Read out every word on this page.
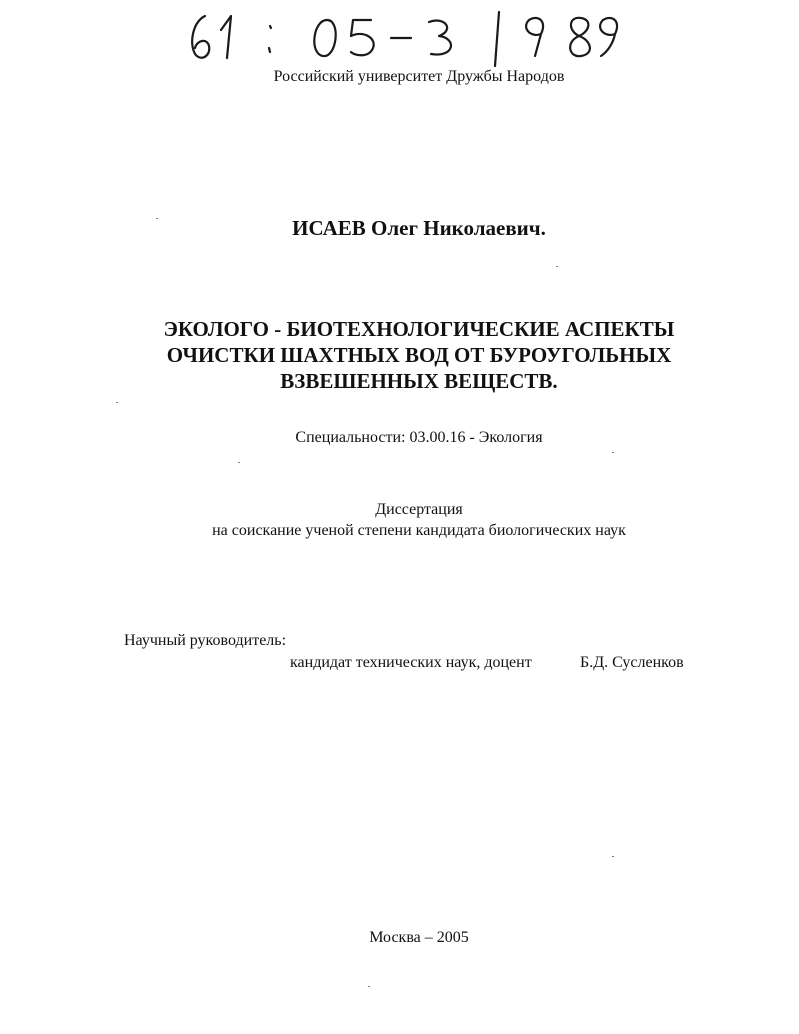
Российский университет Дружбы Народов
ИСАЕВ Олег Николаевич.
ЭКОЛОГО - БИОТЕХНОЛОГИЧЕСКИЕ АСПЕКТЫ
ОЧИСТКИ ШАХТНЫХ ВОД ОТ БУРОУГОЛЬНЫХ
ВЗВЕШЕННЫХ ВЕЩЕСТВ.
Специальности: 03.00.16 - Экология
Диссертация
на соискание ученой степени кандидата биологических наук
Научный руководитель:
кандидат технических наук, доцент	Б.Д. Сусленков
Москва – 2005
